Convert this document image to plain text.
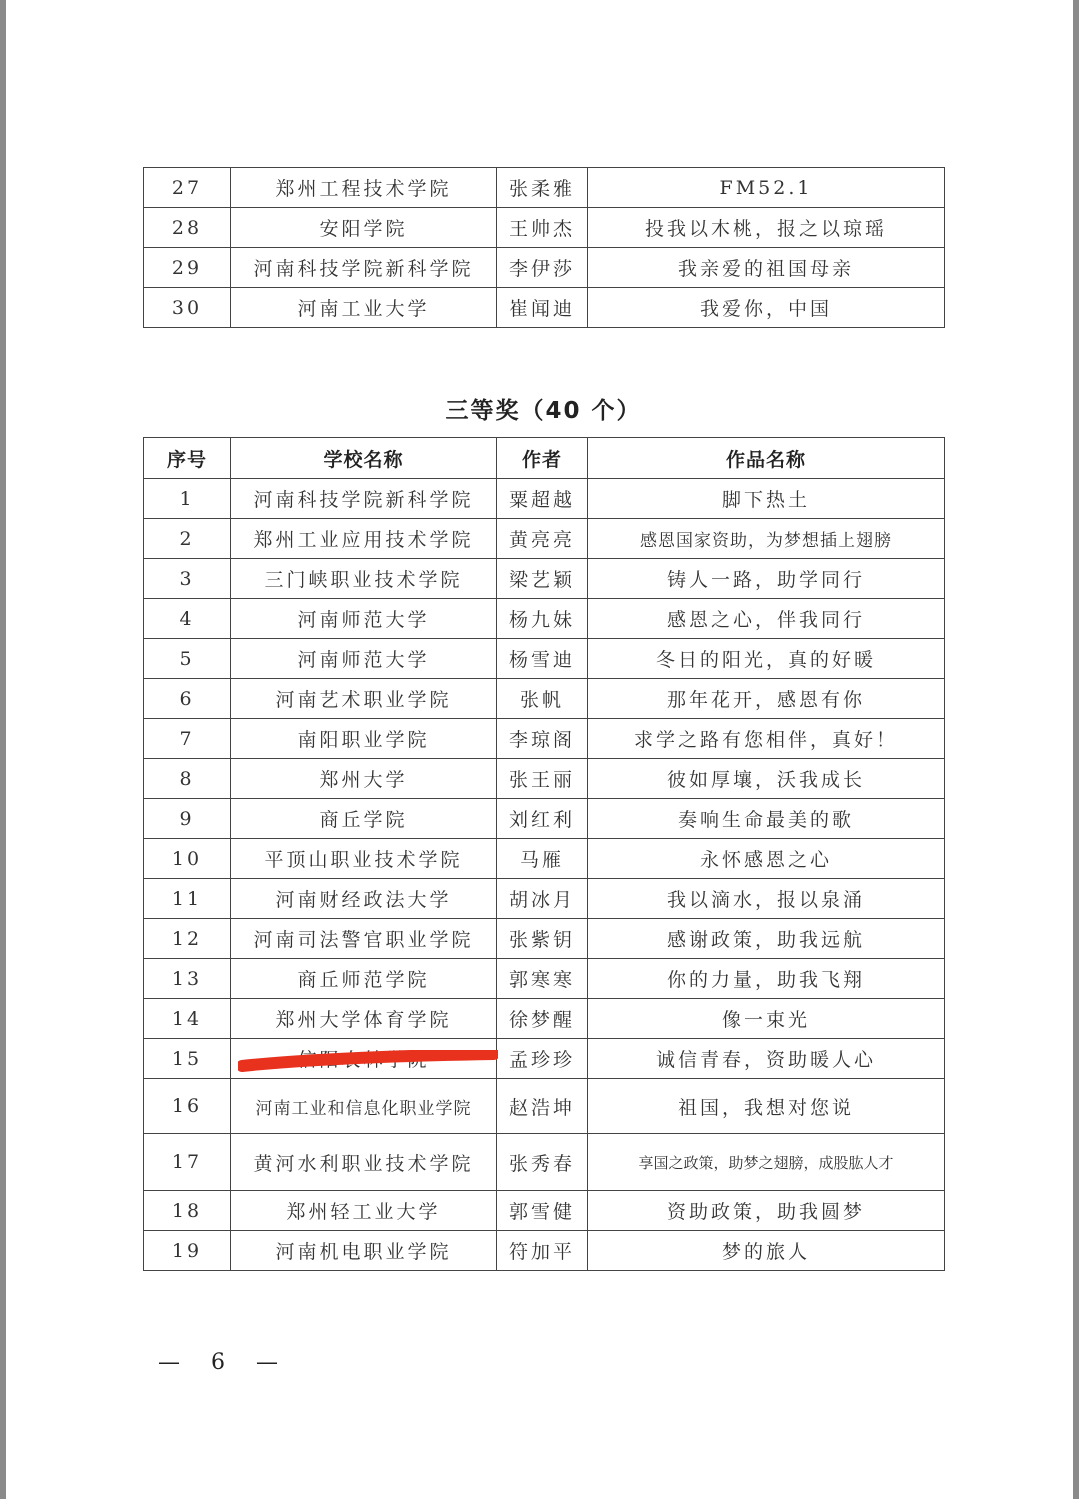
27	郑州工程技术学院	张柔雅	FM52.1
28	安阳学院	王帅杰	投我以木桃，报之以琼瑶
29	河南科技学院新科学院	李伊莎	我亲爱的祖国母亲
30	河南工业大学	崔闻迪	我爱你，中国
三等奖（40 个）
序号	学校名称	作者	作品名称
1	河南科技学院新科学院	粟超越	脚下热土
2	郑州工业应用技术学院	黄亮亮	感恩国家资助，为梦想插上翅膀
3	三门峡职业技术学院	梁艺颖	铸人一路，助学同行
4	河南师范大学	杨九妹	感恩之心，伴我同行
5	河南师范大学	杨雪迪	冬日的阳光，真的好暖
6	河南艺术职业学院	张帆	那年花开，感恩有你
7	南阳职业学院	李琼阁	求学之路有您相伴，真好！
8	郑州大学	张王丽	彼如厚壤，沃我成长
9	商丘学院	刘红利	奏响生命最美的歌
10	平顶山职业技术学院	马雁	永怀感恩之心
11	河南财经政法大学	胡冰月	我以滴水，报以泉涌
12	河南司法警官职业学院	张紫钥	感谢政策，助我远航
13	商丘师范学院	郭寒寒	你的力量，助我飞翔
14	郑州大学体育学院	徐梦醒	像一束光
15	信阳农林学院	孟珍珍	诚信青春，资助暖人心
16	河南工业和信息化职业学院	赵浩坤	祖国，我想对您说
17	黄河水利职业技术学院	张秀春	享国之政策，助梦之翅膀，成股肱人才
18	郑州轻工业大学	郭雪健	资助政策，助我圆梦
19	河南机电职业学院	符加平	梦的旅人
— 6 —
